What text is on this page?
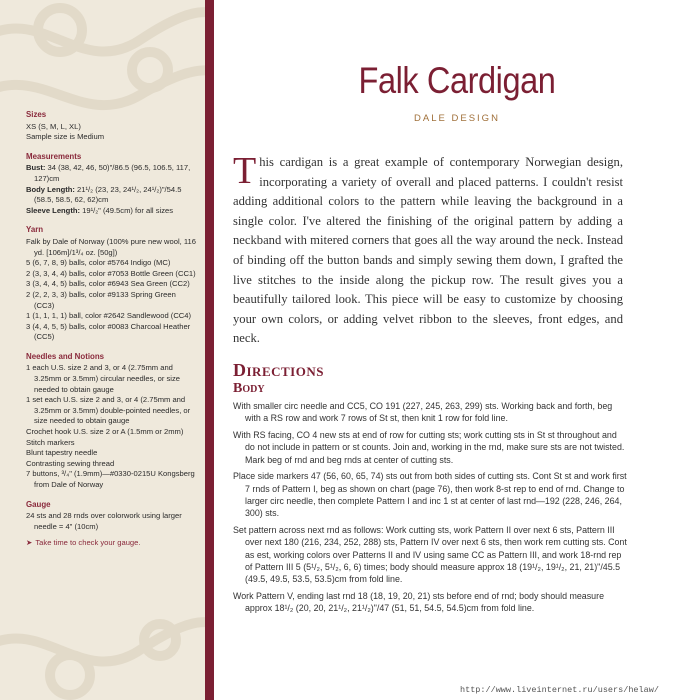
Sizes
XS (S, M, L, XL)
Sample size is Medium
Measurements
Bust: 34 (38, 42, 46, 50)"/86.5 (96.5, 106.5, 117, 127)cm
Body Length: 21¹/₂ (23, 23, 24¹/₂, 24¹/₂)"/54.5 (58.5, 58.5, 62, 62)cm
Sleeve Length: 19¹/₂" (49.5cm) for all sizes
Yarn
Falk by Dale of Norway (100% pure new wool, 116 yd. [106m]/1³/₄ oz. [50g])
5 (6, 7, 8, 9) balls, color #5764 Indigo (MC)
2 (3, 3, 4, 4) balls, color #7053 Bottle Green (CC1)
3 (3, 4, 4, 5) balls, color #6943 Sea Green (CC2)
2 (2, 2, 3, 3) balls, color #9133 Spring Green (CC3)
1 (1, 1, 1, 1) ball, color #2642 Sandlewood (CC4)
3 (4, 4, 5, 5) balls, color #0083 Charcoal Heather (CC5)
Needles and Notions
1 each U.S. size 2 and 3, or 4 (2.75mm and 3.25mm or 3.5mm) circular needles, or size needed to obtain gauge
1 set each U.S. size 2 and 3, or 4 (2.75mm and 3.25mm or 3.5mm) double-pointed needles, or size needed to obtain gauge
Crochet hook U.S. size 2 or A (1.5mm or 2mm)
Stitch markers
Blunt tapestry needle
Contrasting sewing thread
7 buttons, ³/₄" (1.9mm)—#0330-0215U Kongsberg from Dale of Norway
Gauge
24 sts and 28 rnds over colorwork using larger needle = 4" (10cm)
➤ Take time to check your gauge.
Falk Cardigan
DALE DESIGN
This cardigan is a great example of contemporary Norwegian design, incorporating a variety of overall and placed patterns. I couldn't resist adding additional colors to the pattern while leaving the background in a single color. I've altered the finishing of the original pattern by adding a neckband with mitered corners that goes all the way around the neck. Instead of binding off the button bands and simply sewing them down, I grafted the live stitches to the inside along the pickup row. The result gives you a beautifully tailored look. This piece will be easy to customize by choosing your own colors, or adding velvet ribbon to the sleeves, front edges, and neck.
Directions
Body

With smaller circ needle and CC5, CO 191 (227, 245, 263, 299) sts. Working back and forth, beg with a RS row and work 7 rows of St st, then knit 1 row for fold line.

With RS facing, CO 4 new sts at end of row for cutting sts; work cutting sts in St st throughout and do not include in pattern or st counts. Join and, working in the rnd, make sure sts are not twisted. Mark beg of rnd and beg rnds at center of cutting sts.

Place side markers 47 (56, 60, 65, 74) sts out from both sides of cutting sts. Cont St st and work first 7 rnds of Pattern I, beg as shown on chart (page 76), then work 8-st rep to end of rnd. Change to larger circ needle, then complete Pattern I and inc 1 st at center of last rnd—192 (228, 246, 264, 300) sts.

Set pattern across next rnd as follows: Work cutting sts, work Pattern II over next 6 sts, Pattern III over next 180 (216, 234, 252, 288) sts, Pattern IV over next 6 sts, then work rem cutting sts. Cont as est, working colors over Patterns II and IV using same CC as Pattern III, and work 18-rnd rep of Pattern III 5 (5¹/₂, 5¹/₂, 6, 6) times; body should measure approx 18 (19¹/₂, 19¹/₂, 21, 21)"/45.5 (49.5, 49.5, 53.5, 53.5)cm from fold line.

Work Pattern V, ending last rnd 18 (18, 19, 20, 21) sts before end of rnd; body should measure approx 18¹/₂ (20, 20, 21¹/₂, 21¹/₂)"/47 (51, 51, 54.5, 54.5)cm from fold line.

http://www.liveinternet.ru/users/helaw/
